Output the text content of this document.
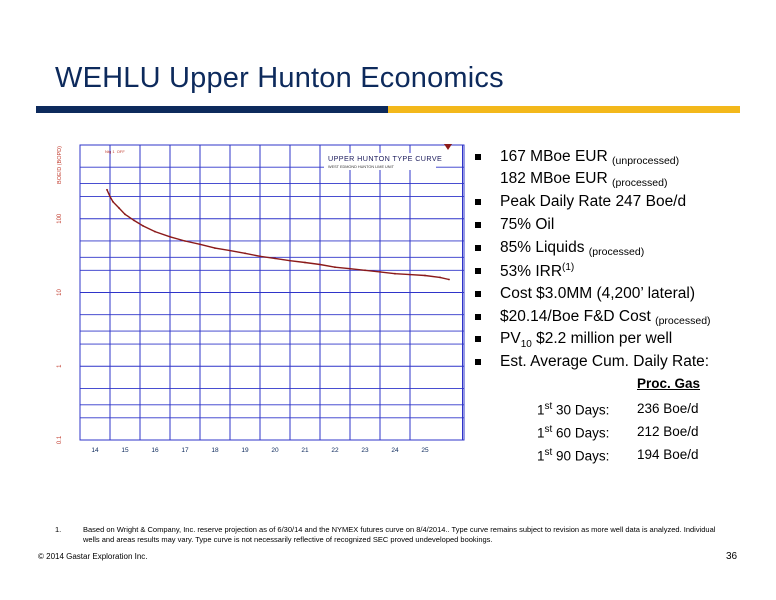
WEHLU Upper Hunton Economics
0.1
1
10
100
BOE/D (BOPD)
14	15	16	17	18	19	20	21	22	23	24	25
UPPER HUNTON TYPE CURVE
WEST EDMOND HUNTON LIME UNIT
Ntg 1  OFF	167 MBoe EUR $_{(unprocessed)}$
182 MBoe EUR $_{(processed)}$
Peak Daily Rate 247 Boe/d
75% Oil
85% Liquids $_{(processed)}$
53% IRR$^{(1)}$
Cost $3.0MM (4,200’ lateral)
$20.14/Boe F&D Cost $_{(processed)}$
$PV_{10}$ $2.2 million per well
Est. Average Cum. Daily Rate:
Proc. Gas
1st 30 Days: 236 Boe/d
1st 60 Days: 212 Boe/d
1st 90 Days: 194 Boe/d
1.	Based on Wright & Company, Inc. reserve projection as of 6/30/14 and the NYMEX futures curve on 8/4/2014.. Type curve remains subject to revision as more well data is analyzed. Individual wells and areas results may vary. Type curve is not necessarily reflective of recognized SEC proved undeveloped bookings.
© 2014 Gastar Exploration Inc.	36
